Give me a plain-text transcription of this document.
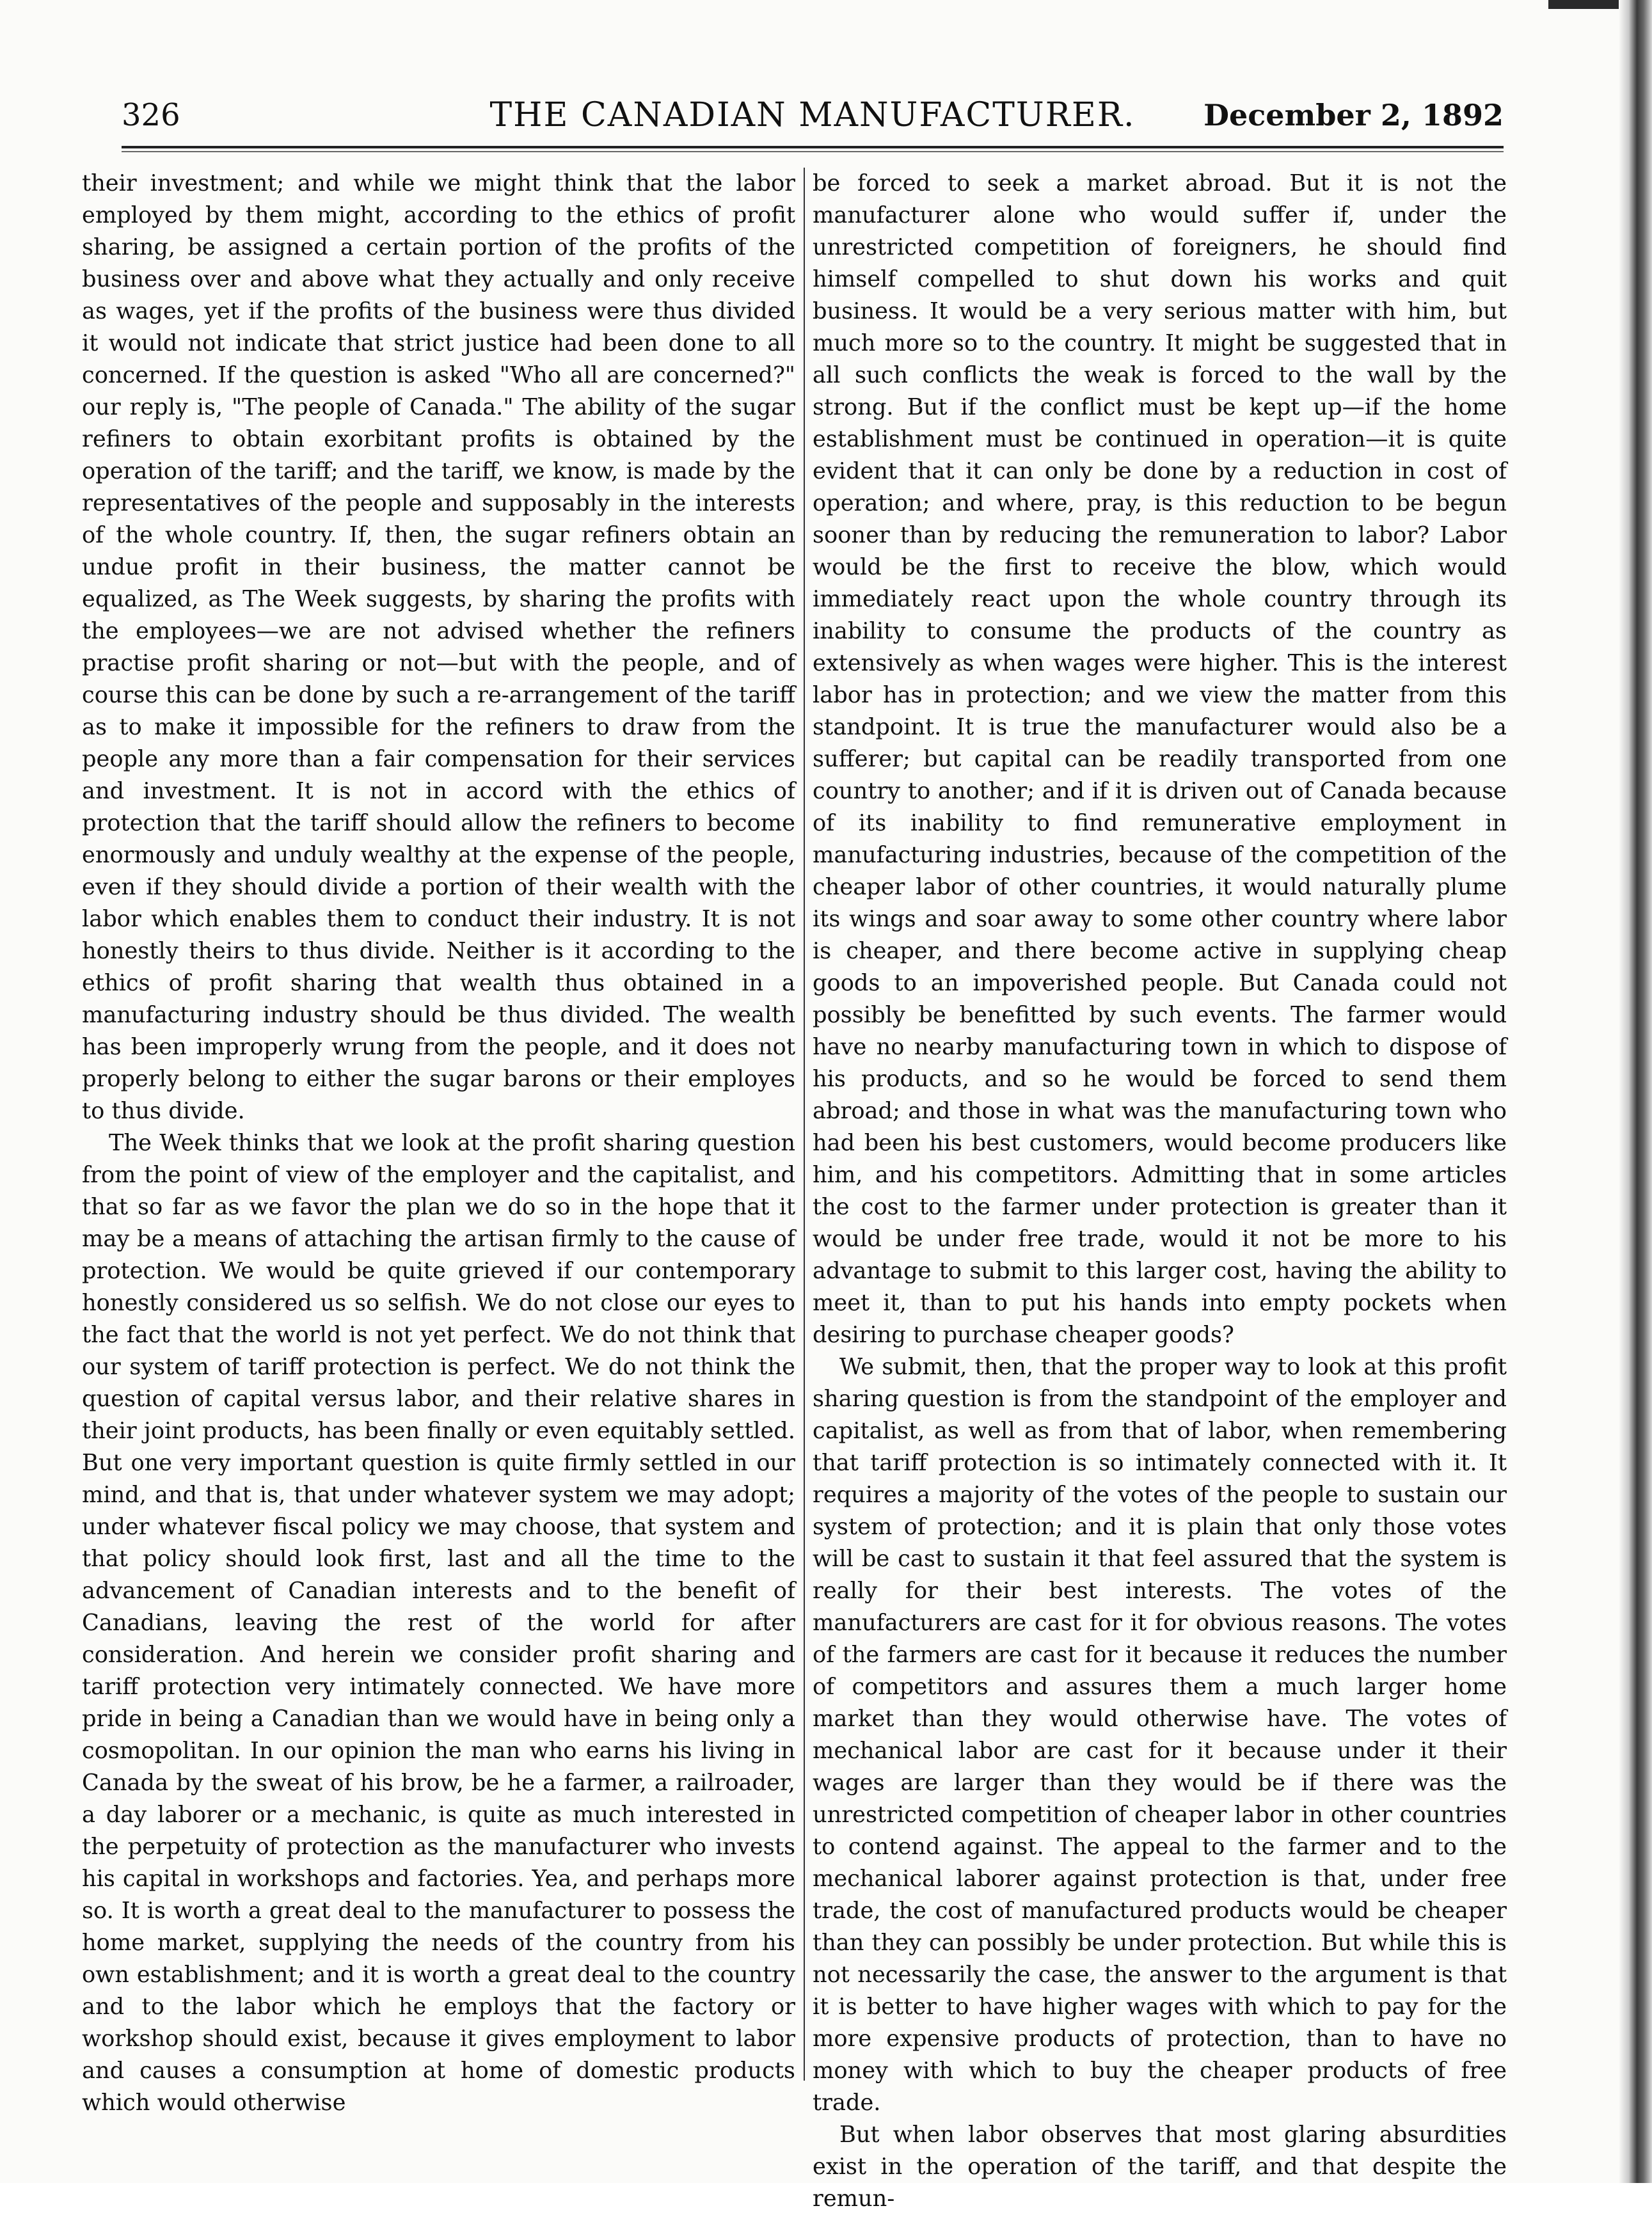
326	THE CANADIAN MANUFACTURER.	December 2, 1892

their investment; and while we might think that the labor employed by them might, according to the ethics of profit sharing, be assigned a certain portion of the profits of the business over and above what they actually and only receive as wages, yet if the profits of the business were thus divided it would not indicate that strict justice had been done to all concerned. If the question is asked "Who all are concerned?" our reply is, "The people of Canada." The ability of the sugar refiners to obtain exorbitant profits is obtained by the operation of the tariff; and the tariff, we know, is made by the representatives of the people and supposably in the interests of the whole country. If, then, the sugar refiners obtain an undue profit in their business, the matter cannot be equalized, as The Week suggests, by sharing the profits with the employees—we are not advised whether the refiners practise profit sharing or not—but with the people, and of course this can be done by such a re-arrangement of the tariff as to make it impossible for the refiners to draw from the people any more than a fair compensation for their services and investment. It is not in accord with the ethics of protection that the tariff should allow the refiners to become enormously and unduly wealthy at the expense of the people, even if they should divide a portion of their wealth with the labor which enables them to conduct their industry. It is not honestly theirs to thus divide. Neither is it according to the ethics of profit sharing that wealth thus obtained in a manufacturing industry should be thus divided. The wealth has been improperly wrung from the people, and it does not properly belong to either the sugar barons or their employes to thus divide.

The Week thinks that we look at the profit sharing question from the point of view of the employer and the capitalist, and that so far as we favor the plan we do so in the hope that it may be a means of attaching the artisan firmly to the cause of protection. We would be quite grieved if our contemporary honestly considered us so selfish. We do not close our eyes to the fact that the world is not yet perfect. We do not think that our system of tariff protection is perfect. We do not think the question of capital versus labor, and their relative shares in their joint products, has been finally or even equitably settled. But one very important question is quite firmly settled in our mind, and that is, that under whatever system we may adopt; under whatever fiscal policy we may choose, that system and that policy should look first, last and all the time to the advancement of Canadian interests and to the benefit of Canadians, leaving the rest of the world for after consideration. And herein we consider profit sharing and tariff protection very intimately connected. We have more pride in being a Canadian than we would have in being only a cosmopolitan. In our opinion the man who earns his living in Canada by the sweat of his brow, be he a farmer, a railroader, a day laborer or a mechanic, is quite as much interested in the perpetuity of protection as the manufacturer who invests his capital in workshops and factories. Yea, and perhaps more so. It is worth a great deal to the manufacturer to possess the home market, supplying the needs of the country from his own establishment; and it is worth a great deal to the country and to the labor which he employs that the factory or workshop should exist, because it gives employment to labor and causes a consumption at home of domestic products which would otherwise

be forced to seek a market abroad. But it is not the manufacturer alone who would suffer if, under the unrestricted competition of foreigners, he should find himself compelled to shut down his works and quit business. It would be a very serious matter with him, but much more so to the country. It might be suggested that in all such conflicts the weak is forced to the wall by the strong. But if the conflict must be kept up—if the home establishment must be continued in operation—it is quite evident that it can only be done by a reduction in cost of operation; and where, pray, is this reduction to be begun sooner than by reducing the remuneration to labor? Labor would be the first to receive the blow, which would immediately react upon the whole country through its inability to consume the products of the country as extensively as when wages were higher. This is the interest labor has in protection; and we view the matter from this standpoint. It is true the manufacturer would also be a sufferer; but capital can be readily transported from one country to another; and if it is driven out of Canada because of its inability to find remunerative employment in manufacturing industries, because of the competition of the cheaper labor of other countries, it would naturally plume its wings and soar away to some other country where labor is cheaper, and there become active in supplying cheap goods to an impoverished people. But Canada could not possibly be benefitted by such events. The farmer would have no nearby manufacturing town in which to dispose of his products, and so he would be forced to send them abroad; and those in what was the manufacturing town who had been his best customers, would become producers like him, and his competitors. Admitting that in some articles the cost to the farmer under protection is greater than it would be under free trade, would it not be more to his advantage to submit to this larger cost, having the ability to meet it, than to put his hands into empty pockets when desiring to purchase cheaper goods?

We submit, then, that the proper way to look at this profit sharing question is from the standpoint of the employer and capitalist, as well as from that of labor, when remembering that tariff protection is so intimately connected with it. It requires a majority of the votes of the people to sustain our system of protection; and it is plain that only those votes will be cast to sustain it that feel assured that the system is really for their best interests. The votes of the manufacturers are cast for it for obvious reasons. The votes of the farmers are cast for it because it reduces the number of competitors and assures them a much larger home market than they would otherwise have. The votes of mechanical labor are cast for it because under it their wages are larger than they would be if there was the unrestricted competition of cheaper labor in other countries to contend against. The appeal to the farmer and to the mechanical laborer against protection is that, under free trade, the cost of manufactured products would be cheaper than they can possibly be under protection. But while this is not necessarily the case, the answer to the argument is that it is better to have higher wages with which to pay for the more expensive products of protection, than to have no money with which to buy the cheaper products of free trade.

But when labor observes that most glaring absurdities exist in the operation of the tariff, and that despite the remun-
